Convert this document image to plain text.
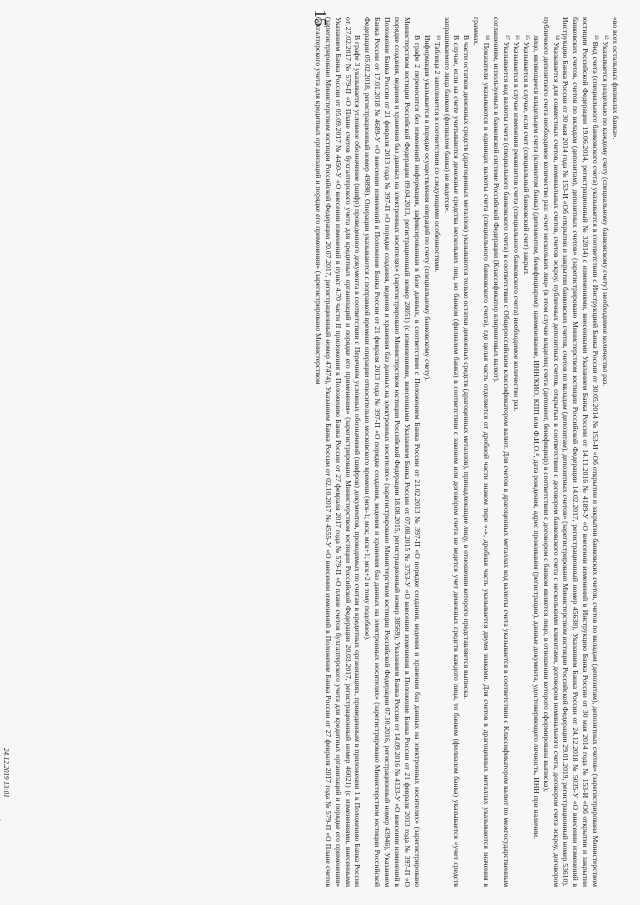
15	«во всех остальных филиалах банка».

¹² Указывается раздельно по каждому счету (специальному банковскому счету) необходимое количество раз.

¹³ Вид счета (специального банковского счета) указывается в соответствии с Инструкцией Банка России от 30.05.2014 № 153-И «Об открытии и закрытии банковских счетов, счетов по вкладам (депозитам), депозитных счетов» (зарегистрирована Министерством юстиции Российской Федерации 19.06.2014, регистрационный № 32814) с изменениями, внесенными Указанием Банка России от 14.11.2016 № 4189-У «О внесении изменений в Инструкцию Банка России от 30 мая 2014 года № 153-И «Об открытии и закрытии банковских счетов, счетов по вкладам (депозитам), депозитных счетов» (зарегистрировано Министерством юстиции Российской Федерации 14.02.2017, регистрационный номер 45638), Указанием Банка России от 24.12.2018 № 5035-У «О внесении изменений в Инструкцию Банка России от 30 мая 2014 года № 153-И «Об открытии и закрытии банковских счетов, счетов по вкладам (депозитам), депозитных счетов» (зарегистрировано Министерством юстиции Российской Федерации 29.01.2019, регистрационный номер 53610).

¹⁴ Указывается для совместных счетов, номинальных счетов, счетов эскроу, публичных депозитных счетов, открытых в соответствии с договором банковского счета с несколькими клиентами, договором номинального счета, договором счета эскроу, договором публичного депозитного счета необходимое количество раз: «счет нескольких лиц» (в этом случае владелец счета (депонент, бенефициар) в соответствии с договором с банком является лицо, в отношении которого сформирована выписка);

лицо, являющееся владельцем счета (клиентом банка) (депонентом, бенефициаром): наименование, ИНН/КИО, КПП или Ф.И.О.⁴, дата рождения, адрес проживания (регистрации), данные документа, удостоверяющего личность, ИНН при наличии.

¹⁵ Указывается в случае, если счет (специальный банковский счет) закрыт.

¹⁶ Указывается в случае изменения реквизитов счета (специального банковского счета) необходимое количество раз.

¹⁷ Указывается код валюты счета (специального банковского счета) в соответствии с Общероссийским классификатором валют. Для счетов в драгоценных металлах код валюты счета указывается в соответствии с Классификатором валют по межгосударственным соглашениям, используемых в банковской системе Российской Федерации (Классификатор клиринговых валют).

¹⁸ Показатели указываются в единицах валюты счета (специального банковского счета), где целая часть отделяется от дробной части знаком тире «-», дробная часть указывается двумя знаками. Для счетов в драгоценных металлах указываются значения в граммах.

В части остатков денежных средств (драгоценных металлов) указываются только остатки денежных средств (драгоценных металлов), принадлежащие лицу, в отношении которого представляется выписка.

В случае, если на счете учитываются денежные средства нескольких лиц, но банком (филиалом банка) в соответствии с законом или договором счета не ведется учет денежных средств каждого лица, то банком (филиалом банка) указывается «учет средств запрашиваемого лица банком (филиалом банка) не ведется».

¹⁹ Таблица 2 заполняется в соответствии со следующими особенностями.

Информация указывается в порядке осуществления операций по счету (специальному банковскому счету).

В графе 2 переносится без изменений информация, зафиксированная в базе данных, в соответствии с Положением Банка России от 21.02.2013 № 397-П «О порядке создания, ведения и хранения баз данных на электронных носителях» (зарегистрировано Министерством юстиции Российской Федерации 09.04.2013, регистрационный номер 28051) (с изменениями, внесенными Указанием Банка России от 07.08.2015 № 3753-У «О внесении изменения в Положение Банка России от 21 февраля 2013 года № 397-П «О порядке создания, ведения и хранения баз данных на электронных носителях» (зарегистрировано Министерством юстиции Российской Федерации 18.08.2015, регистрационный номер 38569), Указанием Банка России от 14.09.2016 № 4133-У «О внесении изменений в Положение Банка России от 21 февраля 2013 года № 397-П «О порядке создания, ведения и хранения баз данных на электронных носителях» (зарегистрировано Министерством юстиции Российской Федерации 07.10.2016, регистрационный номер 43946), Указанием Банка России от 17.01.2018 № 4689-У «О внесении изменений в Положение Банка России от 21 февраля 2013 года № 397-П «О порядке создания, ведения и хранения баз данных на электронных носителях» (зарегистрировано Министерством юстиции Российской Федерации 05.02.2018, регистрационный номер 49898). Операции указываются с поправкой времени операции относительно московского времени (мск-1; мск; мск+1; мск+2 и тому подобное).

В графе 3 указывается условное обозначение (шифр) проведенного документа в соответствии с Перечнем условных обозначений (шифров) документов, проводимых по счетам в кредитных организациях, приведенным в приложении 1 к Положению Банка России от 27.02.2017 № 579-П «О Плане счетов бухгалтерского учета для кредитных организаций и порядке его применения» (зарегистрировано Министерством юстиции Российской Федерации 20.03.2017, регистрационный номер 46021) (с изменениями, внесенными Указанием Банка России от 05.09.2017 № 4450-У «О внесении изменений в пункт 4.70 части II приложения к Положению Банка России от 27 февраля 2017 года № 579-П «О плане счетов бухгалтерского учета для кредитных организаций и порядке его применения» (зарегистрировано Министерством юстиции Российской Федерации 20.07.2017, регистрационный номер 47474), Указанием Банка России от 02.10.2017 № 4555-У «О внесении изменений в Положение Банка России от 27 февраля 2017 года № 579-П «О Плане счетов бухгалтерского учета для кредитных организаций и порядке его применения» (зарегистрировано Министерством

24.12.2019 13:01
